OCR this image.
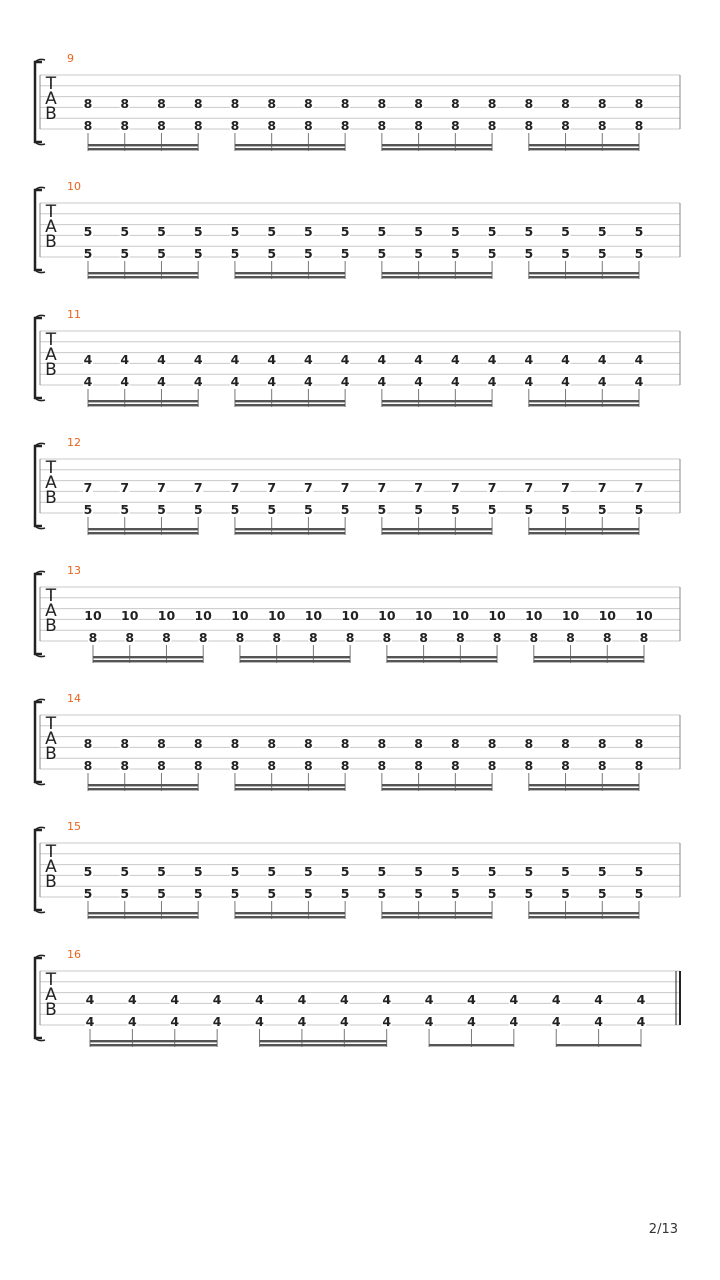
9
T
A
B
8
8
8
8
8
8
8
8
8
8
8
8
8
8
8
8
8
8
8
8
8
8
8
8
8
8
8
8
8
8
8
8
10
T
A
B
5
5
5
5
5
5
5
5
5
5
5
5
5
5
5
5
5
5
5
5
5
5
5
5
5
5
5
5
5
5
5
5
11
T
A
B
4
4
4
4
4
4
4
4
4
4
4
4
4
4
4
4
4
4
4
4
4
4
4
4
4
4
4
4
4
4
4
4
12
T
A
B
7
5
7
5
7
5
7
5
7
5
7
5
7
5
7
5
7
5
7
5
7
5
7
5
7
5
7
5
7
5
7
5
13
T
A
B
10
8
10
8
10
8
10
8
10
8
10
8
10
8
10
8
10
8
10
8
10
8
10
8
10
8
10
8
10
8
10
8
14
T
A
B
8
8
8
8
8
8
8
8
8
8
8
8
8
8
8
8
8
8
8
8
8
8
8
8
8
8
8
8
8
8
8
8
15
T
A
B
5
5
5
5
5
5
5
5
5
5
5
5
5
5
5
5
5
5
5
5
5
5
5
5
5
5
5
5
5
5
5
5
16
T
A
B
4
4
4
4
4
4
4
4
4
4
4
4
4
4
4
4
4
4
4
4
4
4
4
4
4
4
4
4
2/13
